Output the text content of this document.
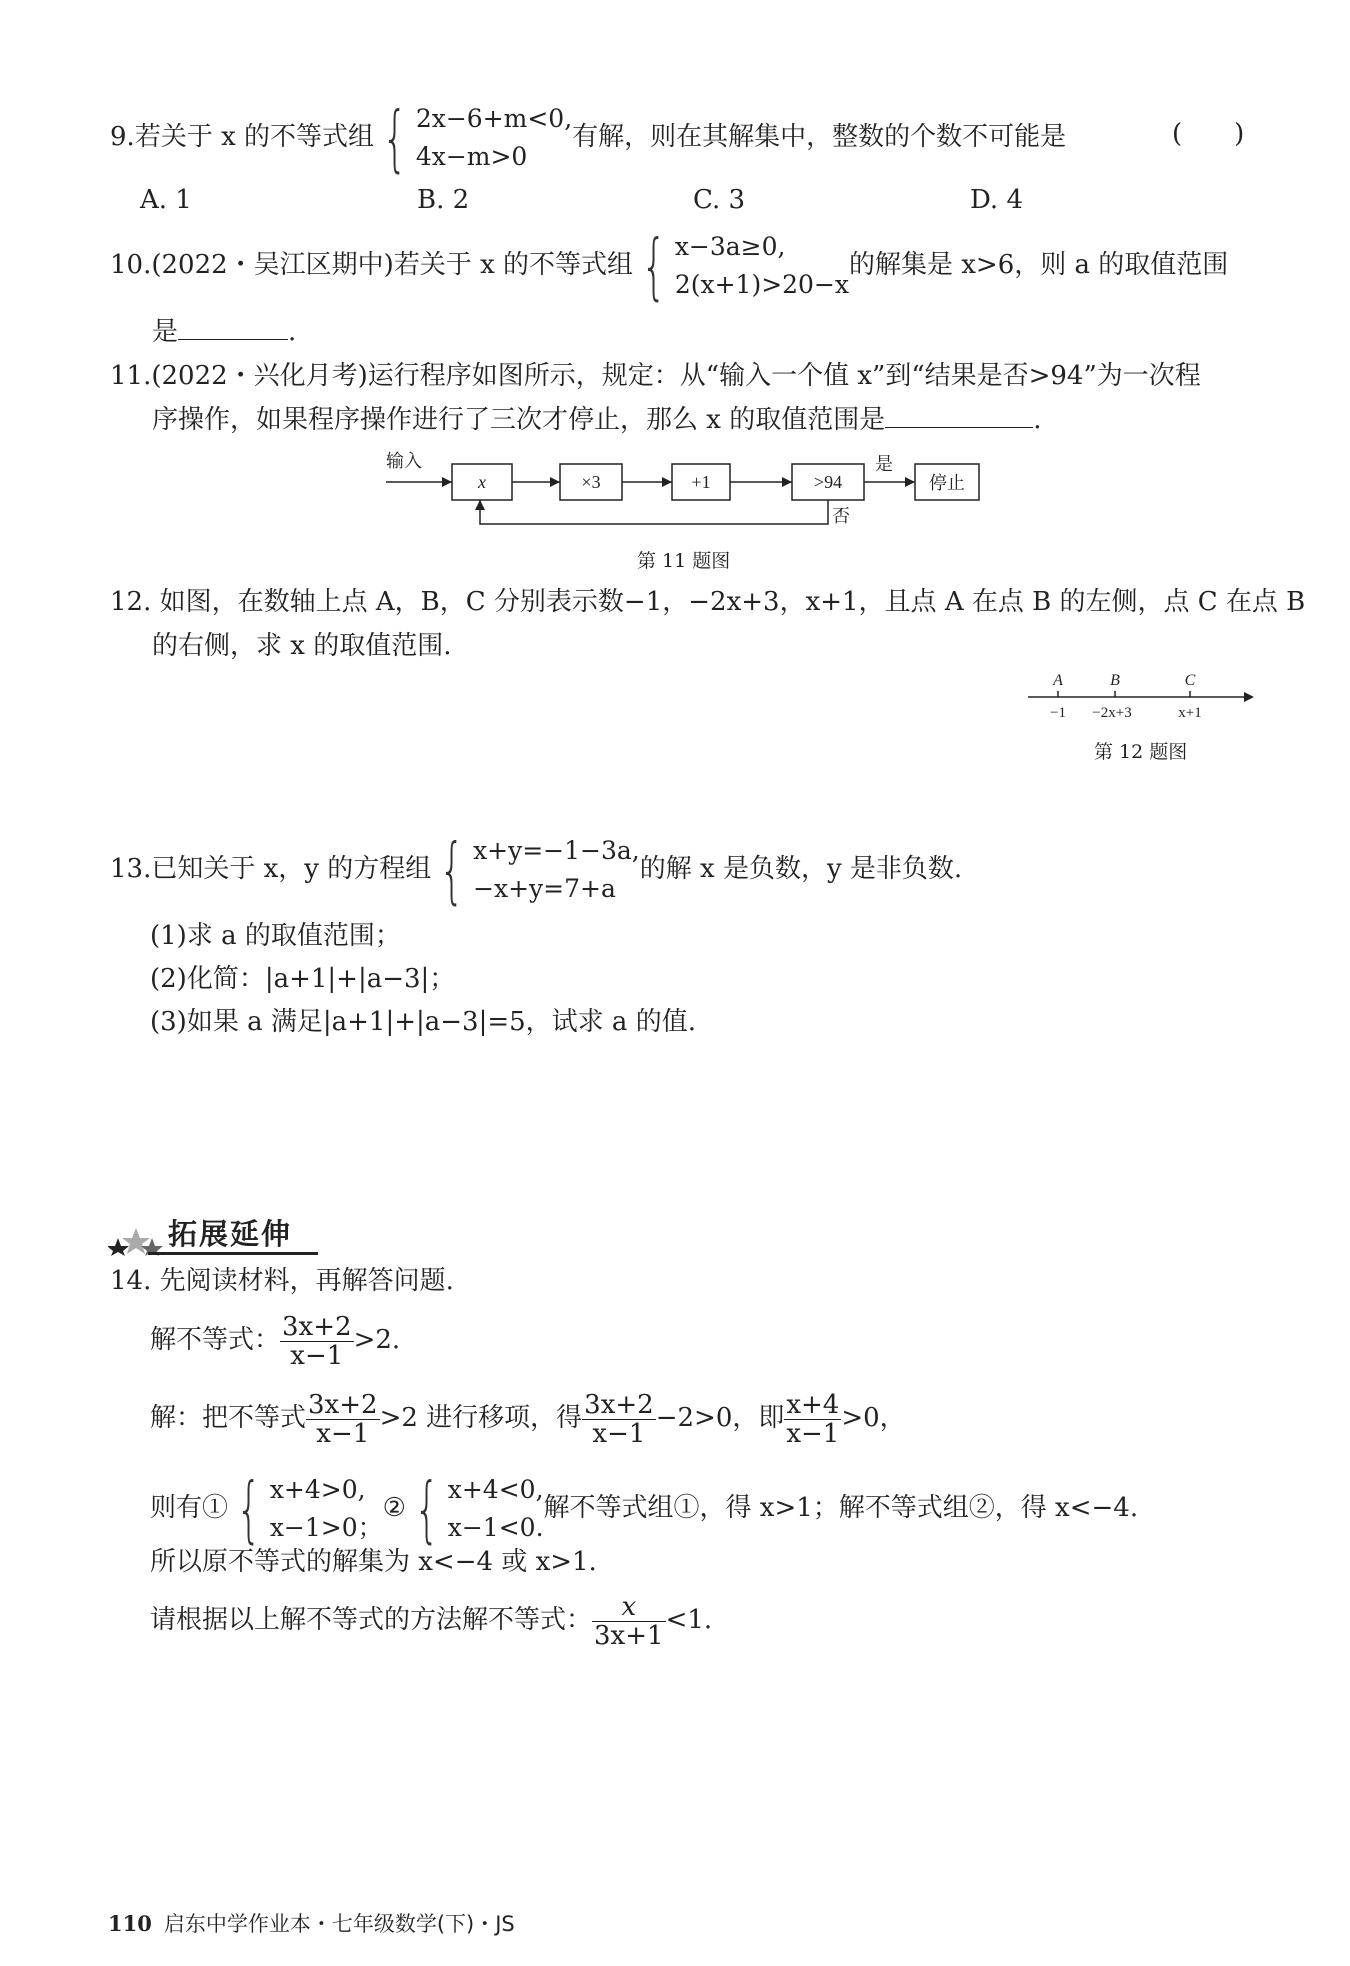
9.若关于 x 的不等式组 { 2x−6+m<0,
4x−m>0
有解，则在其解集中，整数的个数不可能是	(　　)
A. 1	B. 2	C. 3	D. 4
10.(2022・吴江区期中)若关于 x 的不等式组 { x−3a≥0,
2(x+1)>20−x
的解集是 x>6，则 a 的取值范围
是	.
11.(2022・兴化月考)运行程序如图所示，规定：从“输入一个值 x”到“结果是否>94”为一次程
序操作，如果程序操作进行了三次才停止，那么 x 的取值范围是	.
输入	是
否
x	×3	+1	>94	停止
第 11 题图
12. 如图，在数轴上点 A，B，C 分别表示数−1，−2x+3，x+1，且点 A 在点 B 的左侧，点 C 在点 B
的右侧，求 x 的取值范围.
A	B	C
−1 −2x+3	x+1
第 12 题图
13.已知关于 x，y 的方程组 { x+y=−1−3a,
−x+y=7+a
的解 x 是负数，y 是非负数.
(1)求 a 的取值范围；
(2)化简：|a+1|+|a−3|；
(3)如果 a 满足|a+1|+|a−3|=5，试求 a 的值.
拓展延伸
14. 先阅读材料，再解答问题.
解不等式： $\frac{3x+2}{x-1} >2$.
解：把不等式 $\frac{3x+2}{x-1} >2$ 进行移项，得 $\frac{3x+2}{x-1} -2>0$，即 $\frac{x+4}{x-1} >0$，
则有① { x+4>0,
x−1>0；
② { x+4<0,
x−1<0.
解不等式组①，得 x>1；解不等式组②，得 x<−4.
所以原不等式的解集为 x<−4 或 x>1.
请根据以上解不等式的方法解不等式： $\frac{x}{3x+1} <1$.
110 启东中学作业本・七年级数学(下)・JS
